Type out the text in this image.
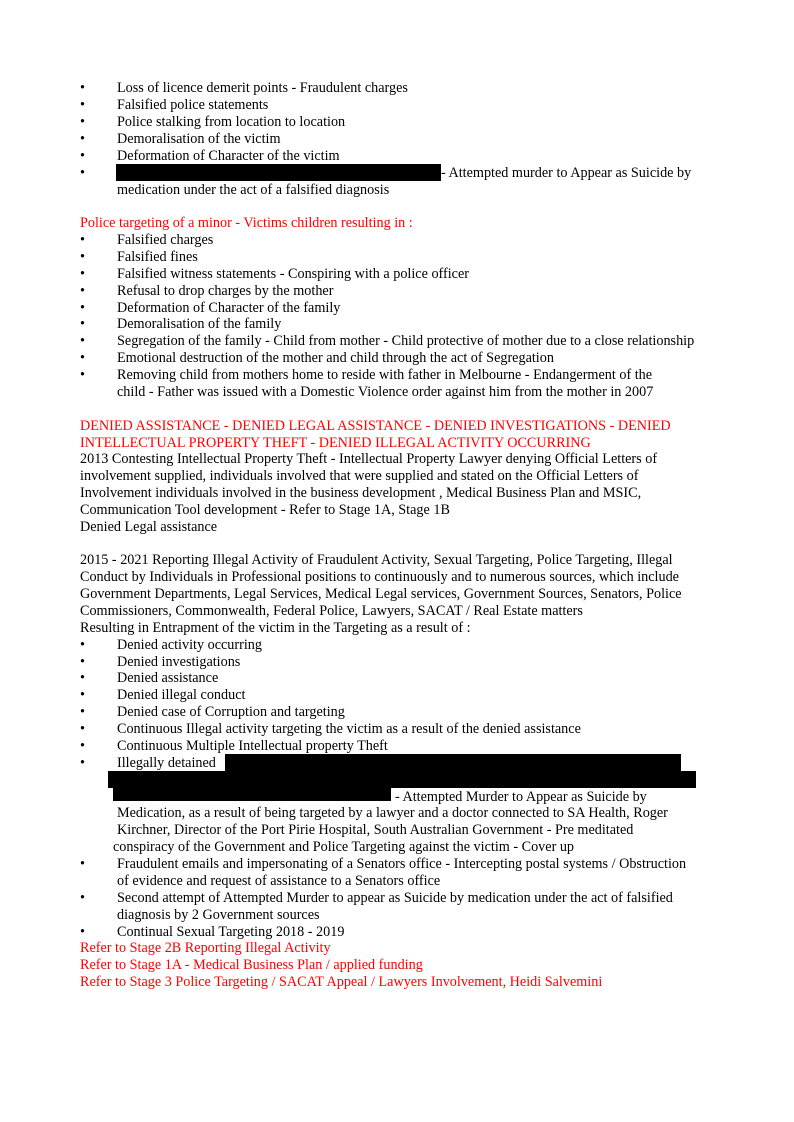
• Loss of licence demerit points - Fraudulent charges
• Falsified police statements
• Police stalking from location to location
• Demoralisation of the victim
• Deformation of Character of the victim
•	- Attempted murder to Appear as Suicide by
medication under the act of a falsified diagnosis
Police targeting of a minor - Victims children resulting in :
• Falsified charges
• Falsified fines
• Falsified witness statements - Conspiring with a police officer
• Refusal to drop charges by the mother
• Deformation of Character of the family
• Demoralisation of the family
• Segregation of the family - Child from mother - Child protective of mother due to a close relationship
• Emotional destruction of the mother and child through the act of Segregation
• Removing child from mothers home to reside with father in Melbourne - Endangerment of the
child - Father was issued with a Domestic Violence order against him from the mother in 2007
DENIED ASSISTANCE - DENIED LEGAL ASSISTANCE - DENIED INVESTIGATIONS - DENIED
INTELLECTUAL PROPERTY THEFT - DENIED ILLEGAL ACTIVITY OCCURRING
2013 Contesting Intellectual Property Theft - Intellectual Property Lawyer denying Official Letters of
involvement supplied, individuals involved that were supplied and stated on the Official Letters of
Involvement individuals involved in the business development , Medical Business Plan and MSIC,
Communication Tool development - Refer to Stage 1A, Stage 1B
Denied Legal assistance
2015 - 2021 Reporting Illegal Activity of Fraudulent Activity, Sexual Targeting, Police Targeting, Illegal
Conduct by Individuals in Professional positions to continuously and to numerous sources, which include
Government Departments, Legal Services, Medical Legal services, Government Sources, Senators, Police
Commissioners, Commonwealth, Federal Police, Lawyers, SACAT / Real Estate matters
Resulting in Entrapment of the victim in the Targeting as a result of :
• Denied activity occurring
• Denied investigations
• Denied assistance
• Denied illegal conduct
• Denied case of Corruption and targeting
• Continuous Illegal activity targeting the victim as a result of the denied assistance
• Continuous Multiple Intellectual property Theft
• Illegally detained
- Attempted Murder to Appear as Suicide by
Medication, as a result of being targeted by a lawyer and a doctor connected to SA Health, Roger
Kirchner, Director of the Port Pirie Hospital, South Australian Government - Pre meditated
conspiracy of the Government and Police Targeting against the victim - Cover up
• Fraudulent emails and impersonating of a Senators office - Intercepting postal systems / Obstruction
of evidence and request of assistance to a Senators office
• Second attempt of Attempted Murder to appear as Suicide by medication under the act of falsified
diagnosis by 2 Government sources
• Continual Sexual Targeting 2018 - 2019
Refer to Stage 2B Reporting Illegal Activity
Refer to Stage 1A - Medical Business Plan / applied funding
Refer to Stage 3 Police Targeting / SACAT Appeal / Lawyers Involvement, Heidi Salvemini
